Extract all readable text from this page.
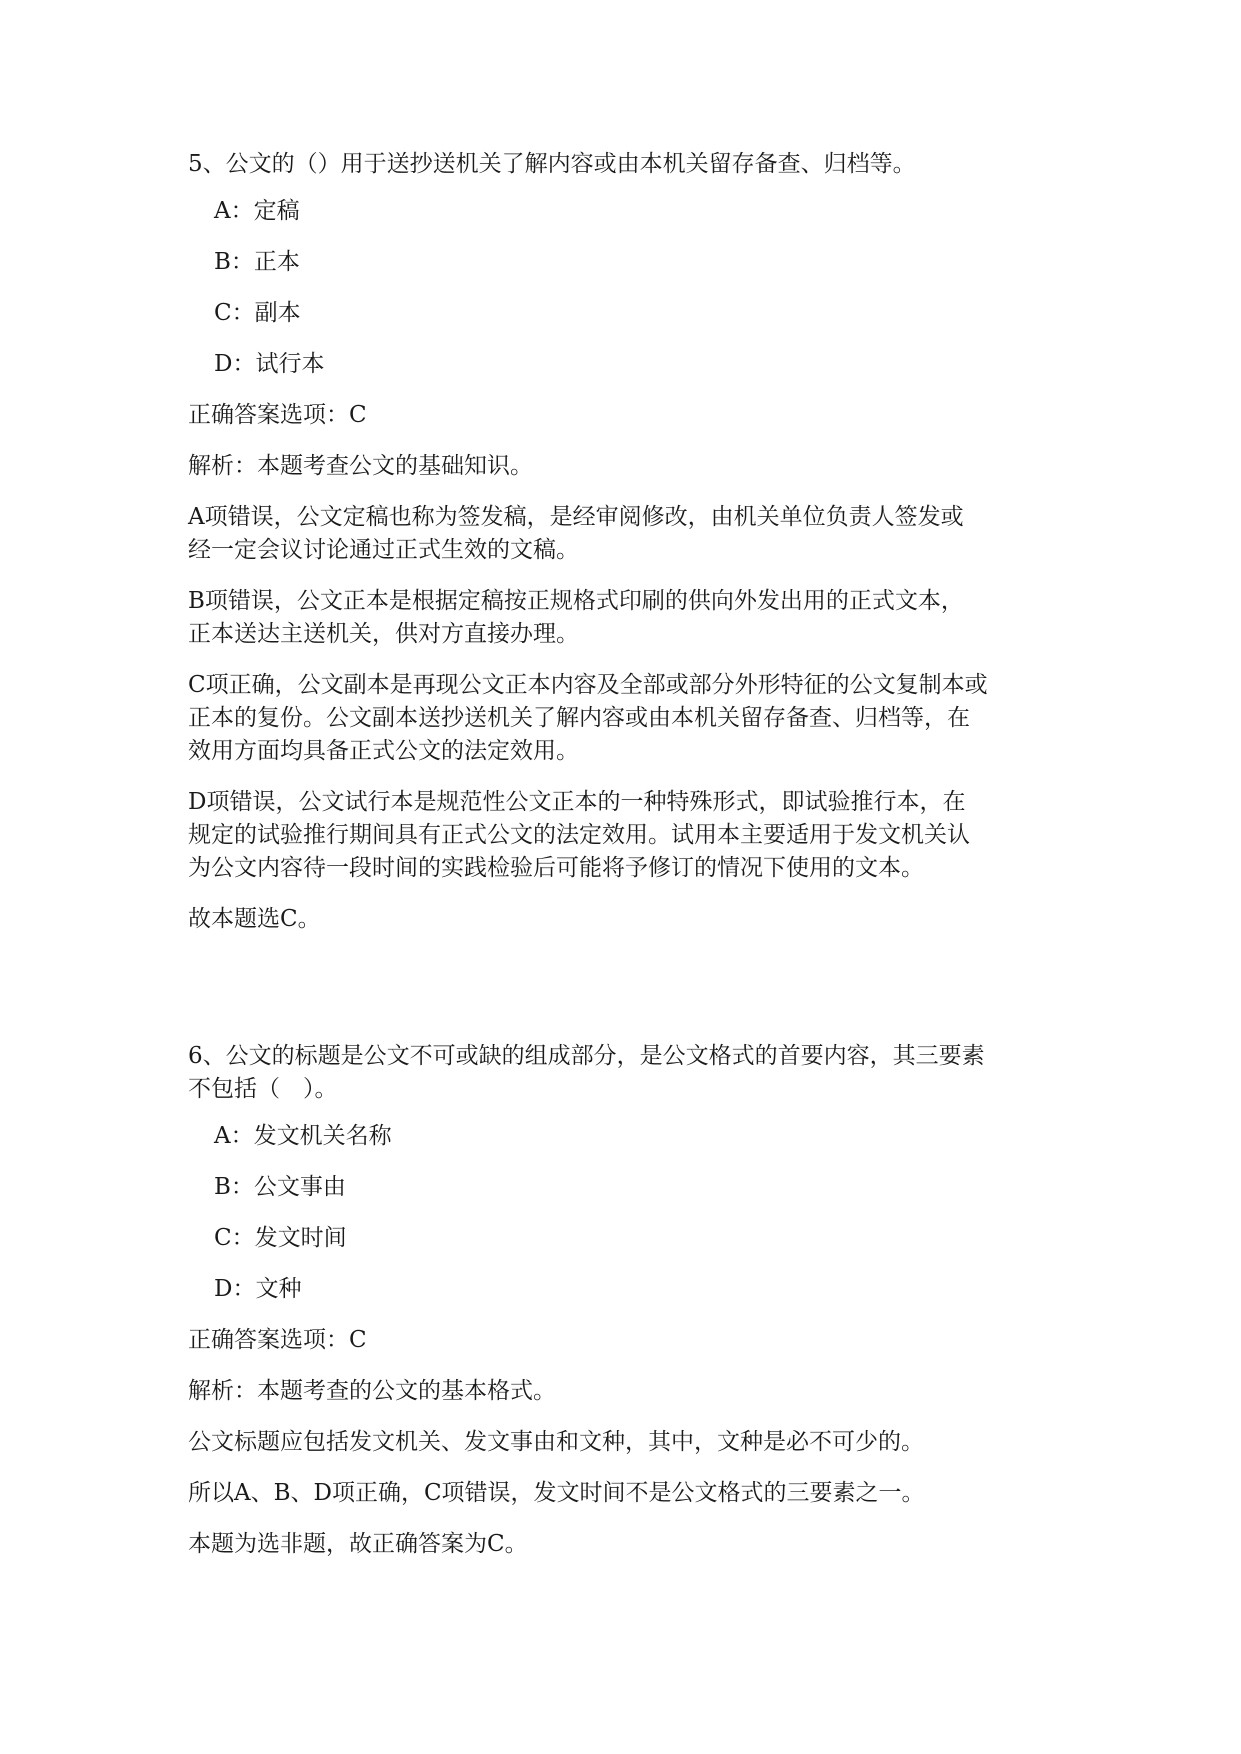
5、公文的（）用于送抄送机关了解内容或由本机关留存备查、归档等。

A：定稿

B：正本

C：副本

D：试行本

正确答案选项：C

解析：本题考查公文的基础知识。

A项错误，公文定稿也称为签发稿，是经审阅修改，由机关单位负责人签发或

经一定会议讨论通过正式生效的文稿。

B项错误，公文正本是根据定稿按正规格式印刷的供向外发出用的正式文本，

正本送达主送机关，供对方直接办理。

C项正确，公文副本是再现公文正本内容及全部或部分外形特征的公文复制本或

正本的复份。公文副本送抄送机关了解内容或由本机关留存备查、归档等，在

效用方面均具备正式公文的法定效用。

D项错误，公文试行本是规范性公文正本的一种特殊形式，即试验推行本，在

规定的试验推行期间具有正式公文的法定效用。试用本主要适用于发文机关认

为公文内容待一段时间的实践检验后可能将予修订的情况下使用的文本。

故本题选C。

6、公文的标题是公文不可或缺的组成部分，是公文格式的首要内容，其三要素

不包括（　）。

A：发文机关名称

B：公文事由

C：发文时间

D：文种

正确答案选项：C

解析：本题考查的公文的基本格式。

公文标题应包括发文机关、发文事由和文种，其中，文种是必不可少的。

所以A、B、D项正确，C项错误，发文时间不是公文格式的三要素之一。

本题为选非题，故正确答案为C。
